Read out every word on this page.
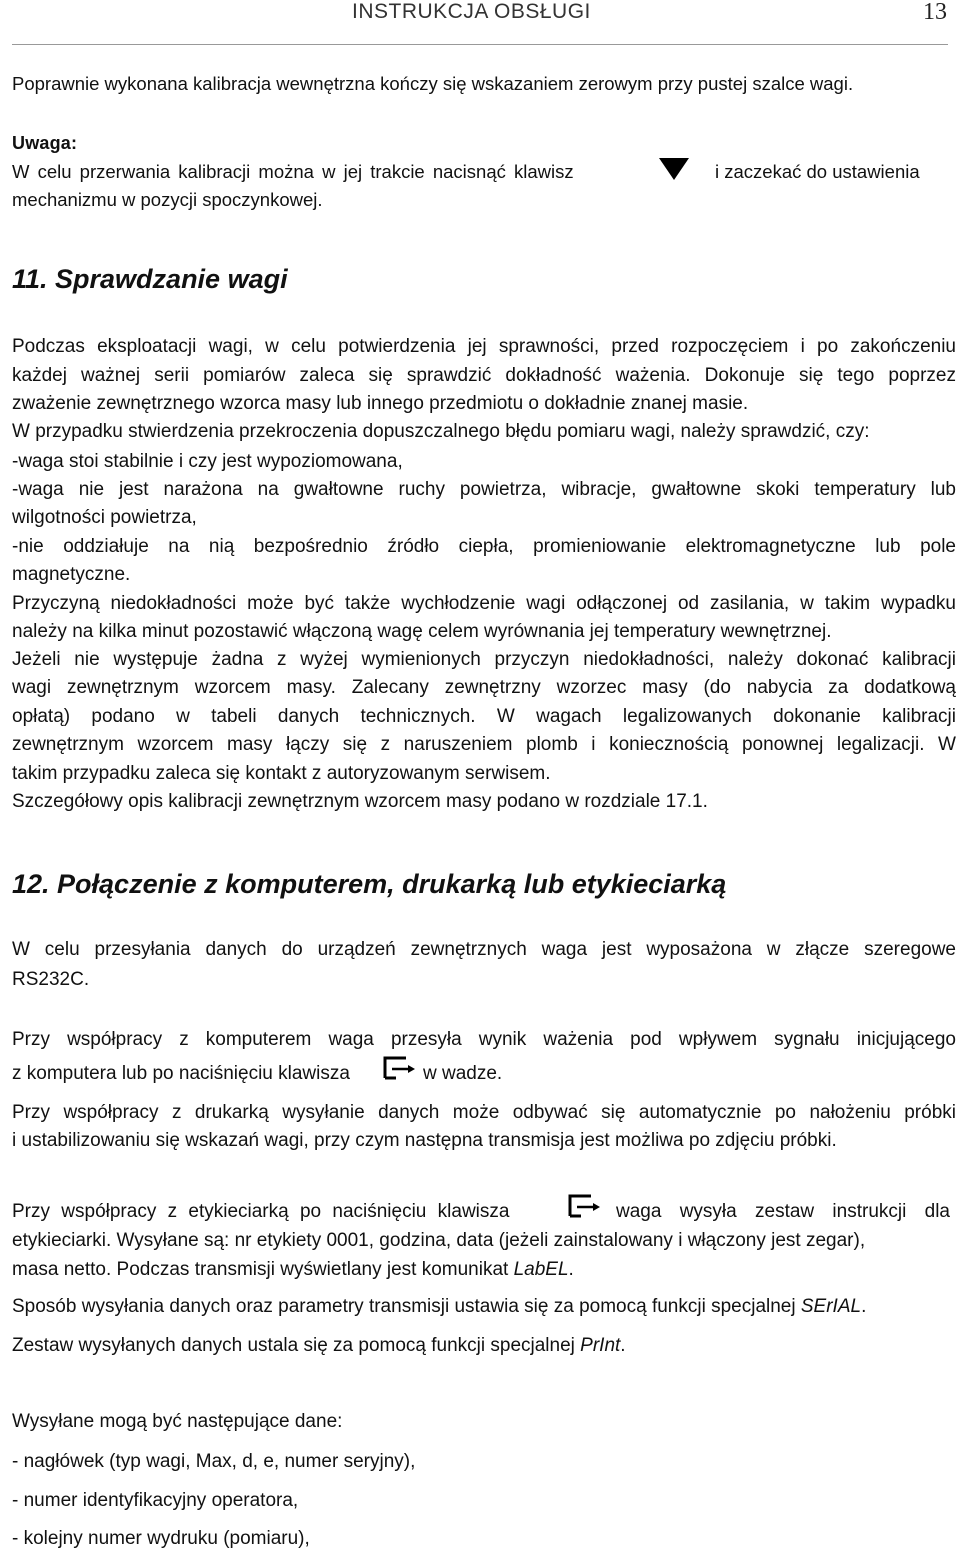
INSTRUKCJA OBSŁUGI	13
Poprawnie wykonana kalibracja wewnętrzna kończy się wskazaniem zerowym przy pustej szalce wagi.
Uwaga:
W celu przerwania kalibracji można w jej trakcie nacisnąć klawisz	i zaczekać do ustawienia
mechanizmu w pozycji spoczynkowej.
11. Sprawdzanie wagi
Podczas eksploatacji wagi, w celu potwierdzenia jej sprawności, przed rozpoczęciem i po zakończeniu
każdej ważnej serii pomiarów zaleca się sprawdzić dokładność ważenia. Dokonuje się tego poprzez
zważenie zewnętrznego wzorca masy lub innego przedmiotu o dokładnie znanej masie.
W przypadku stwierdzenia przekroczenia dopuszczalnego błędu pomiaru wagi, należy sprawdzić, czy:
-waga stoi stabilnie i czy jest wypoziomowana,
-waga nie jest narażona na gwałtowne ruchy powietrza, wibracje, gwałtowne skoki temperatury lub
wilgotności powietrza,
-nie oddziałuje na nią bezpośrednio źródło ciepła, promieniowanie elektromagnetyczne lub pole
magnetyczne.
Przyczyną niedokładności może być także wychłodzenie wagi odłączonej od zasilania, w takim wypadku
należy na kilka minut pozostawić włączoną wagę celem wyrównania jej temperatury wewnętrznej.
Jeżeli nie występuje żadna z wyżej wymienionych przyczyn niedokładności, należy dokonać kalibracji
wagi zewnętrznym wzorcem masy. Zalecany zewnętrzny wzorzec masy (do nabycia za dodatkową
opłatą) podano w tabeli danych technicznych. W wagach legalizowanych dokonanie kalibracji
zewnętrznym wzorcem masy łączy się z naruszeniem plomb i koniecznością ponownej legalizacji. W
takim przypadku zaleca się kontakt z autoryzowanym serwisem.
Szczegółowy opis kalibracji zewnętrznym wzorcem masy podano w rozdziale 17.1.
12. Połączenie z komputerem, drukarką lub etykieciarką
W celu przesyłania danych do urządzeń zewnętrznych waga jest wyposażona w złącze szeregowe
RS232C.
Przy współpracy z komputerem waga przesyła wynik ważenia pod wpływem sygnału inicjującego
z komputera lub po naciśnięciu klawisza	w wadze.
Przy współpracy z drukarką wysyłanie danych może odbywać się automatycznie po nałożeniu próbki
i ustabilizowaniu się wskazań wagi, przy czym następna transmisja jest możliwa po zdjęciu próbki.
Przy współpracy z etykieciarką po naciśnięciu klawisza	waga wysyła zestaw instrukcji dla
etykieciarki. Wysyłane są: nr etykiety 0001, godzina, data (jeżeli zainstalowany i włączony jest zegar),
masa netto. Podczas transmisji wyświetlany jest komunikat LabEL.
Sposób wysyłania danych oraz parametry transmisji ustawia się za pomocą funkcji specjalnej SErIAL.
Zestaw wysyłanych danych ustala się za pomocą funkcji specjalnej PrInt.
Wysyłane mogą być następujące dane:
- nagłówek (typ wagi, Max, d, e, numer seryjny),
- numer identyfikacyjny operatora,
- kolejny numer wydruku (pomiaru),
